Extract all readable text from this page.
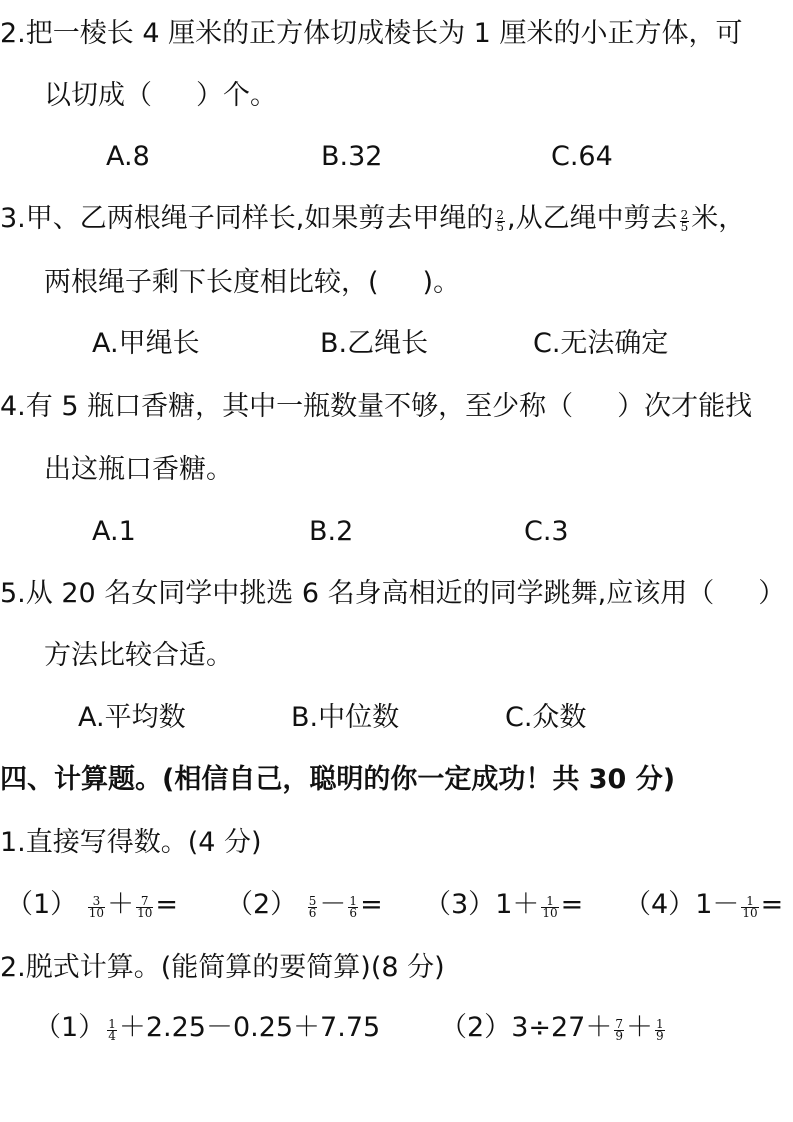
2.把一棱长 4 厘米的正方体切成棱长为 1 厘米的小正方体，可
以切成（ ）个。
A.8	B.32	C.64
3.甲、乙两根绳子同样长,如果剪去甲绳的 $\frac{2}{5}$ ,从乙绳中剪去 $\frac{2}{5}$ 米，
两根绳子剩下长度相比较，( )。
A.甲绳长	B.乙绳长	C.无法确定
4.有 5 瓶口香糖，其中一瓶数量不够，至少称（ ）次才能找
出这瓶口香糖。
A.1	B.2	C.3
5.从 20 名女同学中挑选 6 名身高相近的同学跳舞,应该用（ ）
方法比较合适。
A.平均数	B.中位数	C.众数
四、计算题。(相信自己，聪明的你一定成功！共 30 分)
1.直接写得数。(4 分)
$(1) \frac{3}{10} + \frac{7}{10} = (2) \frac{5}{6} - \frac{1}{6} = (3)1+ \frac{1}{10} = (4)1- \frac{1}{10}$ =
2.脱式计算。(能简算的要简算)(8 分)
$(1) \frac{1}{4} +2.25-0.25+7.75$ $(2)3\div 27+ \frac{7}{9} + \frac{1}{9}$
